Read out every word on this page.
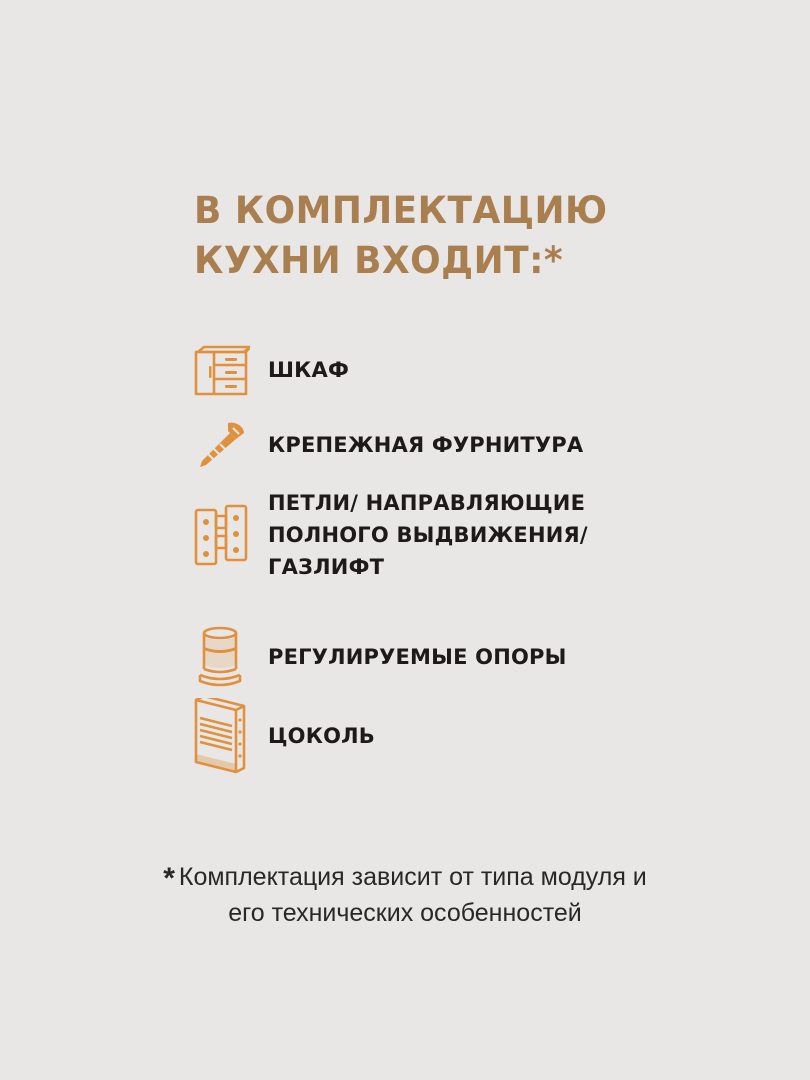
В КОМПЛЕКТАЦИЮ
КУХНИ ВХОДИТ:*
ШКАФ
КРЕПЕЖНАЯ ФУРНИТУРА
ПЕТЛИ/ НАПРАВЛЯЮЩИЕ
ПОЛНОГО ВЫДВИЖЕНИЯ/
ГАЗЛИФТ
РЕГУЛИРУЕМЫЕ ОПОРЫ
ЦОКОЛЬ
* Комплектация зависит от типа модуля и
его технических особенностей
